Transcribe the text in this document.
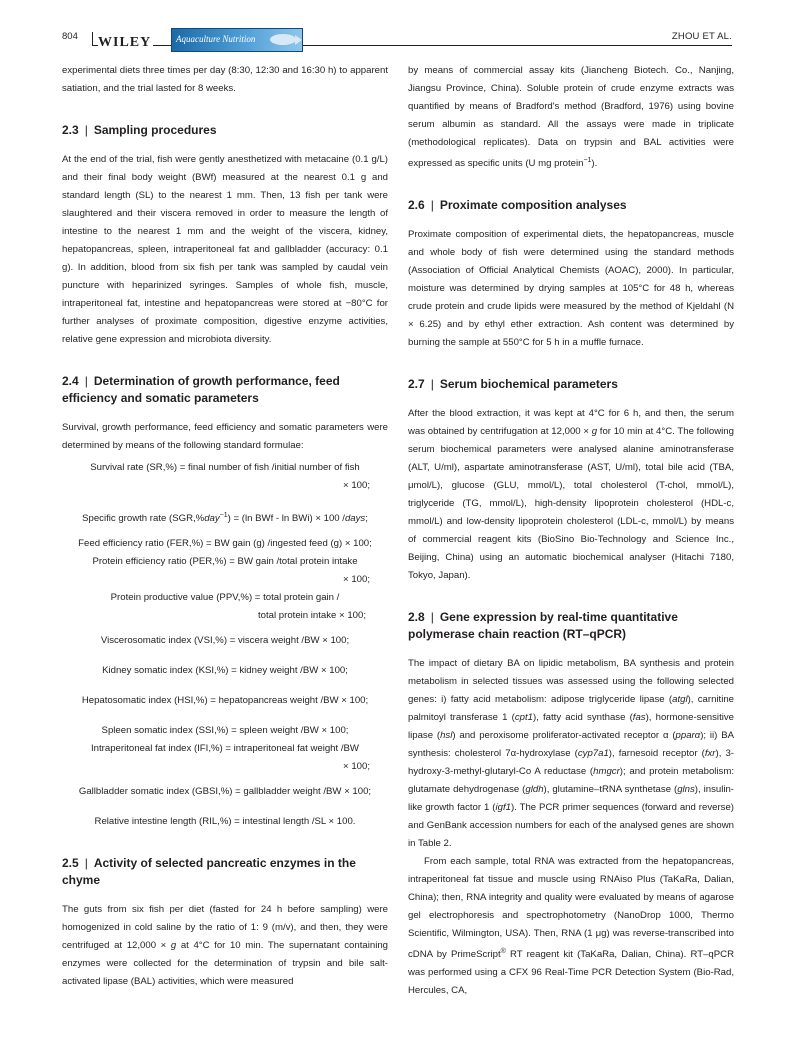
804 WILEY	Aquaculture Nutrition	ZHOU ET AL.

experimental diets three times per day (8:30, 12:30 and 16:30 h) to apparent satiation, and the trial lasted for 8 weeks.

2.3 | Sampling procedures

At the end of the trial, fish were gently anesthetized with metacaine (0.1 g/L) and their final body weight (BWf) measured at the nearest 0.1 g and standard length (SL) to the nearest 1 mm. Then, 13 fish per tank were slaughtered and their viscera removed in order to measure the length of intestine to the nearest 1 mm and the weight of the viscera, kidney, hepatopancreas, spleen, intraperitoneal fat and gallbladder (accuracy: 0.1 g). In addition, blood from six fish per tank was sampled by caudal vein puncture with heparinized syringes. Samples of whole fish, muscle, intraperitoneal fat, intestine and hepatopancreas were stored at −80°C for further analyses of proximate composition, digestive enzyme activities, relative gene expression and microbiota diversity.

2.4 | Determination of growth performance, feed efficiency and somatic parameters

Survival, growth performance, feed efficiency and somatic parameters were determined by means of the following standard formulae:

Survival rate (SR,%) = final number of fish /initial number of fish
× 100;
Specific growth rate (SGR,%day$^{-1}$) = (ln BWf - ln BWi) × 100 /days;
Feed efficiency ratio (FER,%) = BW gain (g) /ingested feed (g) × 100;
Protein efficiency ratio (PER,%) = BW gain /total protein intake
× 100;
Protein productive value (PPV,%) = total protein gain /
total protein intake × 100;
Viscerosomatic index (VSI,%) = viscera weight /BW × 100;
Kidney somatic index (KSI,%) = kidney weight /BW × 100;
Hepatosomatic index (HSI,%) = hepatopancreas weight /BW × 100;
Spleen somatic index (SSI,%) = spleen weight /BW × 100;
Intraperitoneal fat index (IFI,%) = intraperitoneal fat weight /BW
× 100;
Gallbladder somatic index (GBSI,%) = gallbladder weight /BW × 100;
Relative intestine length (RIL,%) = intestinal length /SL × 100.
2.5 | Activity of selected pancreatic enzymes in the chyme

The guts from six fish per diet (fasted for 24 h before sampling) were homogenized in cold saline by the ratio of 1: 9 (m/v), and then, they were centrifuged at 12,000 × g at 4°C for 10 min. The supernatant containing enzymes were collected for the determination of trypsin and bile salt-activated lipase (BAL) activities, which were measured

by means of commercial assay kits (Jiancheng Biotech. Co., Nanjing, Jiangsu Province, China). Soluble protein of crude enzyme extracts was quantified by means of Bradford's method (Bradford, 1976) using bovine serum albumin as standard. All the assays were made in triplicate (methodological replicates). Data on trypsin and BAL activities were expressed as specific units (U mg protein$^{-1}$).

2.6 | Proximate composition analyses

Proximate composition of experimental diets, the hepatopancreas, muscle and whole body of fish were determined using the standard methods (Association of Official Analytical Chemists (AOAC), 2000). In particular, moisture was determined by drying samples at 105°C for 48 h, whereas crude protein and crude lipids were measured by the method of Kjeldahl (N × 6.25) and by ethyl ether extraction. Ash content was determined by burning the sample at 550°C for 5 h in a muffle furnace.

2.7 | Serum biochemical parameters

After the blood extraction, it was kept at 4°C for 6 h, and then, the serum was obtained by centrifugation at 12,000 × g for 10 min at 4°C. The following serum biochemical parameters were analysed alanine aminotransferase (ALT, U/ml), aspartate aminotransferase (AST, U/ml), total bile acid (TBA, μmol/L), glucose (GLU, mmol/L), total cholesterol (T-chol, mmol/L), triglyceride (TG, mmol/L), high-density lipoprotein cholesterol (HDL-c, mmol/L) and low-density lipoprotein cholesterol (LDL-c, mmol/L) by means of commercial reagent kits (BioSino Bio-Technology and Science Inc., Beijing, China) using an automatic biochemical analyser (Hitachi 7180, Tokyo, Japan).

2.8 | Gene expression by real-time quantitative polymerase chain reaction (RT–qPCR)

The impact of dietary BA on lipidic metabolism, BA synthesis and protein metabolism in selected tissues was assessed using the following selected genes: i) fatty acid metabolism: adipose triglyceride lipase (atgl), carnitine palmitoyl transferase 1 (cpt1), fatty acid synthase (fas), hormone-sensitive lipase (hsl) and peroxisome proliferator-activated receptor α (pparα); ii) BA synthesis: cholesterol 7α-hydroxylase (cyp7a1), farnesoid receptor (fxr), 3-hydroxy-3-methyl-glutaryl-Co A reductase (hmgcr); and protein metabolism: glutamate dehydrogenase (gldh), glutamine–tRNA synthetase (glns), insulin-like growth factor 1 (igf1). The PCR primer sequences (forward and reverse) and GenBank accession numbers for each of the analysed genes are shown in Table 2.

From each sample, total RNA was extracted from the hepatopancreas, intraperitoneal fat tissue and muscle using RNAiso Plus (TaKaRa, Dalian, China); then, RNA integrity and quality were evaluated by means of agarose gel electrophoresis and spectrophotometry (NanoDrop 1000, Thermo Scientific, Wilmington, USA). Then, RNA (1 μg) was reverse-transcribed into cDNA by PrimeScript® RT reagent kit (TaKaRa, Dalian, China). RT–qPCR was performed using a CFX 96 Real-Time PCR Detection System (Bio-Rad, Hercules, CA,
